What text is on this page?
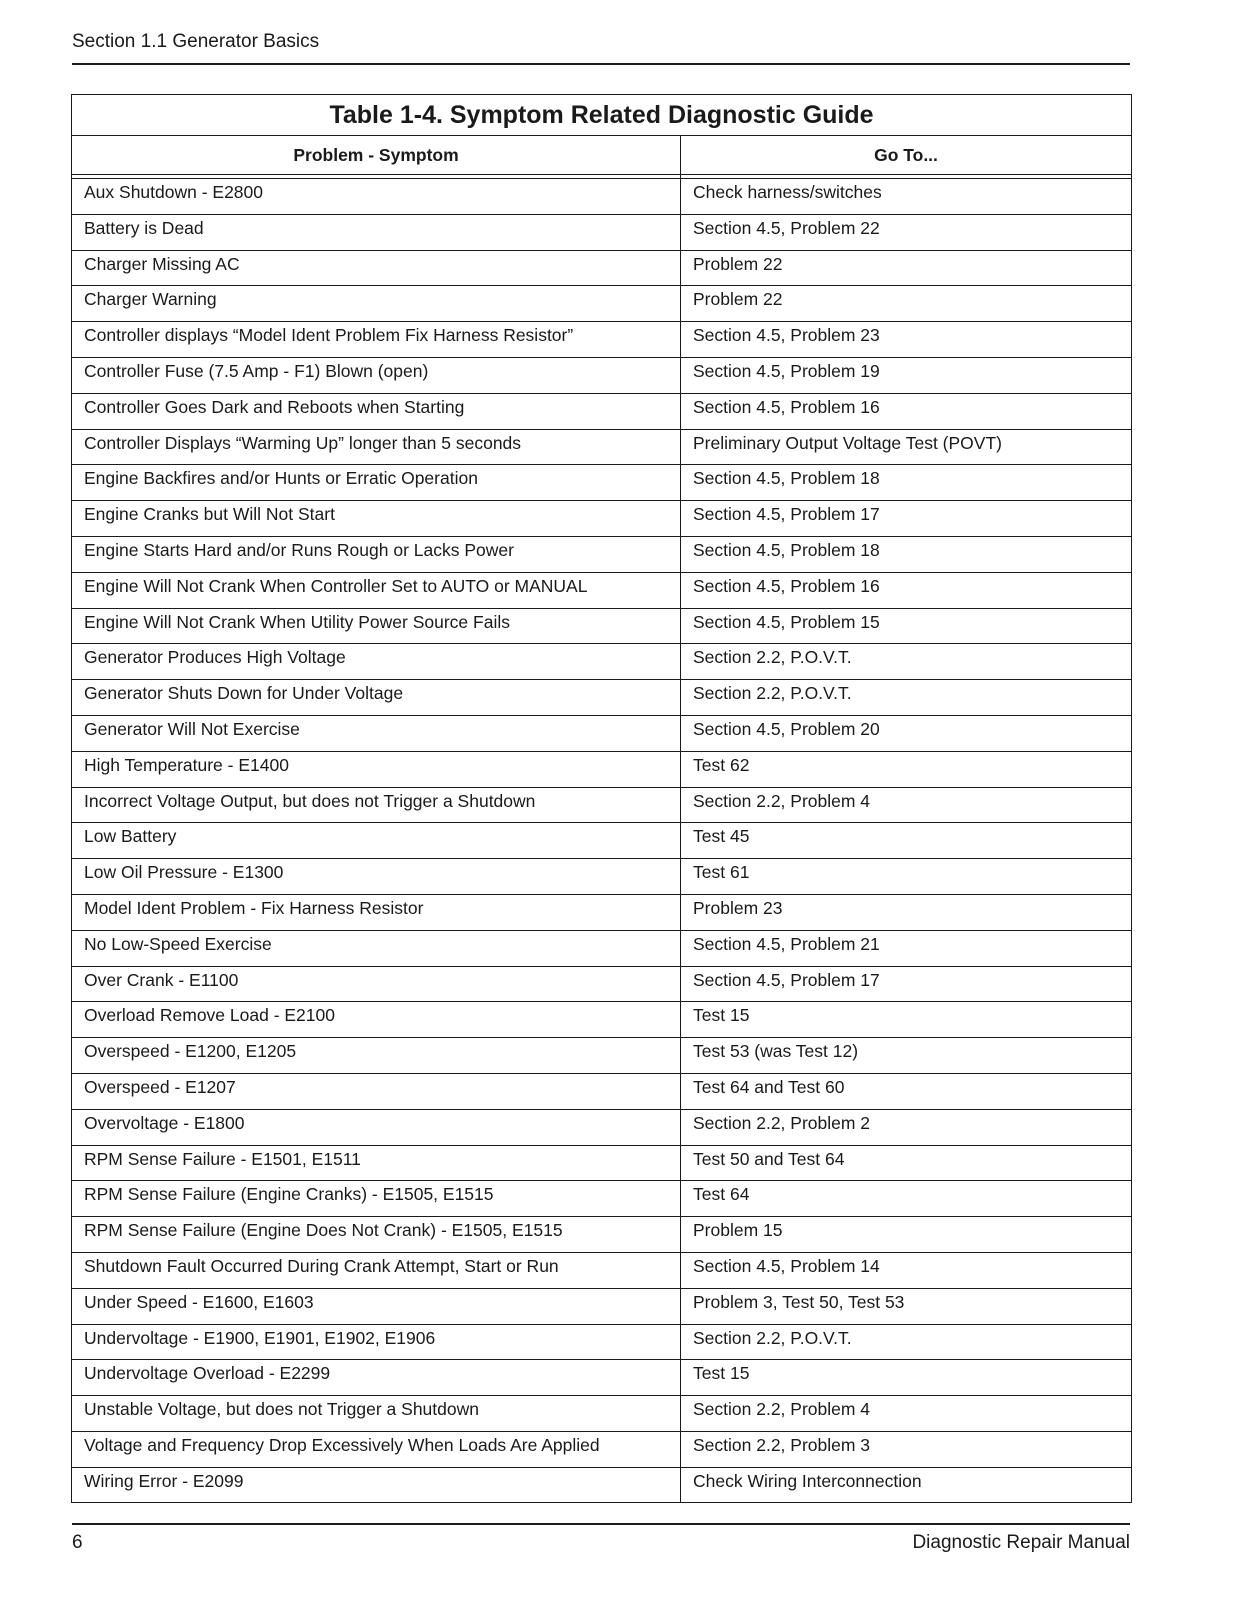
Section 1.1 Generator Basics
Table 1-4. Symptom Related Diagnostic Guide	
Problem - Symptom	Go To...

Aux Shutdown - E2800	Check harness/switches
Battery is Dead	Section 4.5, Problem 22
Charger Missing AC	Problem 22
Charger Warning	Problem 22
Controller displays “Model Ident Problem Fix Harness Resistor”	Section 4.5, Problem 23
Controller Fuse (7.5 Amp - F1) Blown (open)	Section 4.5, Problem 19
Controller Goes Dark and Reboots when Starting	Section 4.5, Problem 16
Controller Displays “Warming Up” longer than 5 seconds	Preliminary Output Voltage Test (POVT)
Engine Backfires and/or Hunts or Erratic Operation	Section 4.5, Problem 18
Engine Cranks but Will Not Start	Section 4.5, Problem 17
Engine Starts Hard and/or Runs Rough or Lacks Power	Section 4.5, Problem 18
Engine Will Not Crank When Controller Set to AUTO or MANUAL	Section 4.5, Problem 16
Engine Will Not Crank When Utility Power Source Fails	Section 4.5, Problem 15
Generator Produces High Voltage	Section 2.2, P.O.V.T.
Generator Shuts Down for Under Voltage	Section 2.2, P.O.V.T.
Generator Will Not Exercise	Section 4.5, Problem 20
High Temperature - E1400	Test 62
Incorrect Voltage Output, but does not Trigger a Shutdown	Section 2.2, Problem 4
Low Battery	Test 45
Low Oil Pressure - E1300	Test 61
Model Ident Problem - Fix Harness Resistor	Problem 23
No Low-Speed Exercise	Section 4.5, Problem 21
Over Crank - E1100	Section 4.5, Problem 17
Overload Remove Load - E2100	Test 15
Overspeed - E1200, E1205	Test 53 (was Test 12)
Overspeed - E1207	Test 64 and Test 60
Overvoltage - E1800	Section 2.2, Problem 2
RPM Sense Failure - E1501, E1511	Test 50 and Test 64
RPM Sense Failure (Engine Cranks) - E1505, E1515	Test 64
RPM Sense Failure (Engine Does Not Crank) - E1505, E1515	Problem 15
Shutdown Fault Occurred During Crank Attempt, Start or Run	Section 4.5, Problem 14
Under Speed - E1600, E1603	Problem 3, Test 50, Test 53
Undervoltage - E1900, E1901, E1902, E1906	Section 2.2, P.O.V.T.
Undervoltage Overload - E2299	Test 15
Unstable Voltage, but does not Trigger a Shutdown	Section 2.2, Problem 4
Voltage and Frequency Drop Excessively When Loads Are Applied	Section 2.2, Problem 3
Wiring Error - E2099	Check Wiring Interconnection
6	Diagnostic Repair Manual
